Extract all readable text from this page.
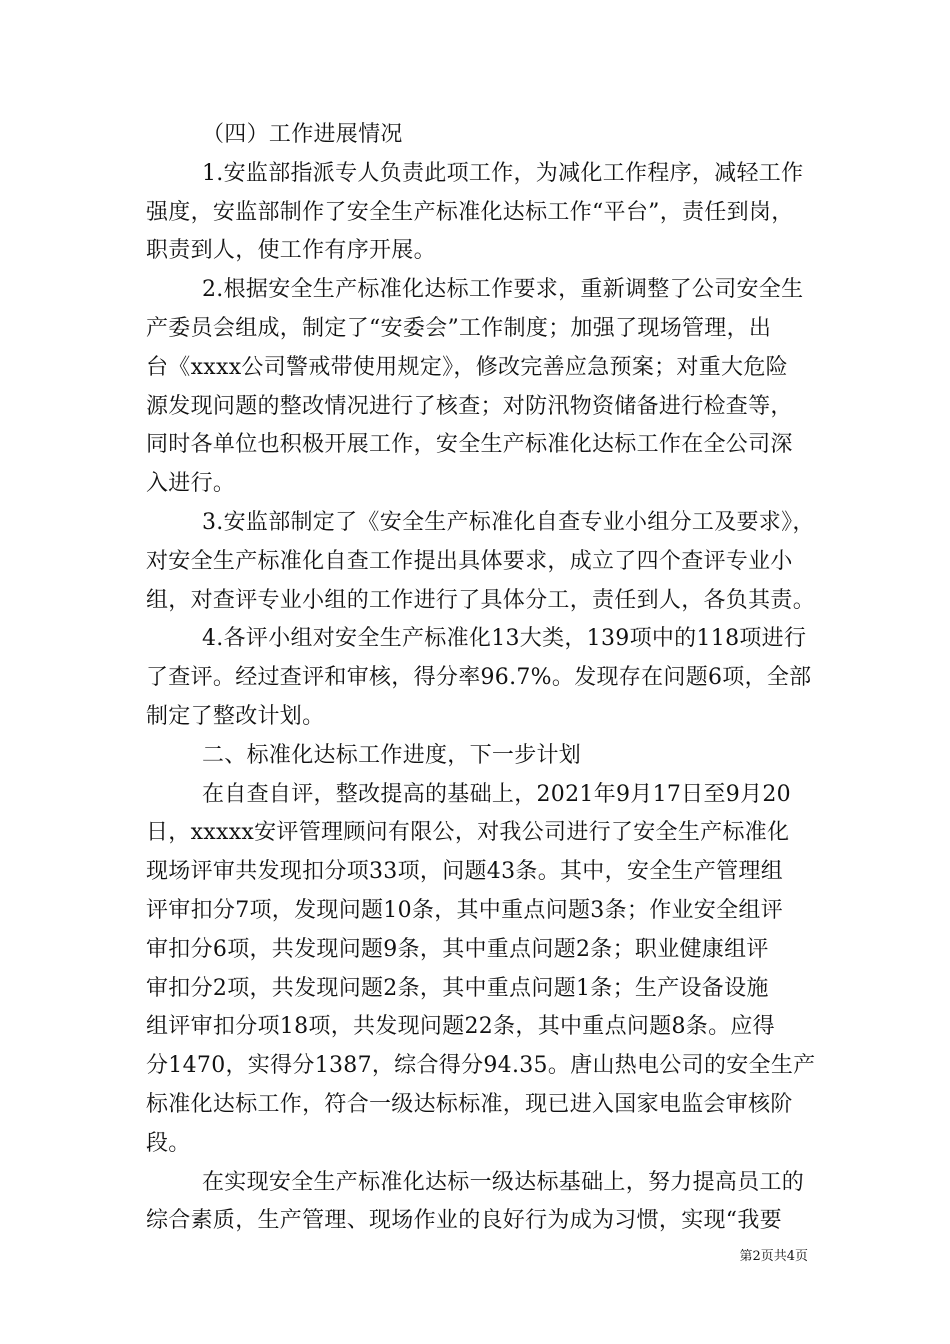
（四）工作进展情况
1.安监部指派专人负责此项工作，为减化工作程序，减轻工作
强度，安监部制作了安全生产标准化达标工作“平台”，责任到岗，
职责到人，使工作有序开展。
2.根据安全生产标准化达标工作要求，重新调整了公司安全生
产委员会组成，制定了“安委会”工作制度；加强了现场管理，出
台《xxxx公司警戒带使用规定》，修改完善应急预案；对重大危险
源发现问题的整改情况进行了核查；对防汛物资储备进行检查等，
同时各单位也积极开展工作，安全生产标准化达标工作在全公司深
入进行。
3.安监部制定了《安全生产标准化自查专业小组分工及要求》，
对安全生产标准化自查工作提出具体要求，成立了四个查评专业小
组，对查评专业小组的工作进行了具体分工，责任到人，各负其责。
4.各评小组对安全生产标准化13大类，139项中的118项进行
了查评。经过查评和审核，得分率96.7%。发现存在问题6项，全部
制定了整改计划。
二、标准化达标工作进度，下一步计划
在自查自评，整改提高的基础上，2021年9月17日至9月20
日，xxxxx安评管理顾问有限公，对我公司进行了安全生产标准化
现场评审共发现扣分项33项，问题43条。其中，安全生产管理组
评审扣分7项，发现问题10条，其中重点问题3条；作业安全组评
审扣分6项，共发现问题9条，其中重点问题2条；职业健康组评
审扣分2项，共发现问题2条，其中重点问题1条；生产设备设施
组评审扣分项18项，共发现问题22条，其中重点问题8条。应得
分1470，实得分1387，综合得分94.35。唐山热电公司的安全生产
标准化达标工作，符合一级达标标准，现已进入国家电监会审核阶
段。
在实现安全生产标准化达标一级达标基础上，努力提高员工的
综合素质，生产管理、现场作业的良好行为成为习惯，实现“我要
第2页共4页
